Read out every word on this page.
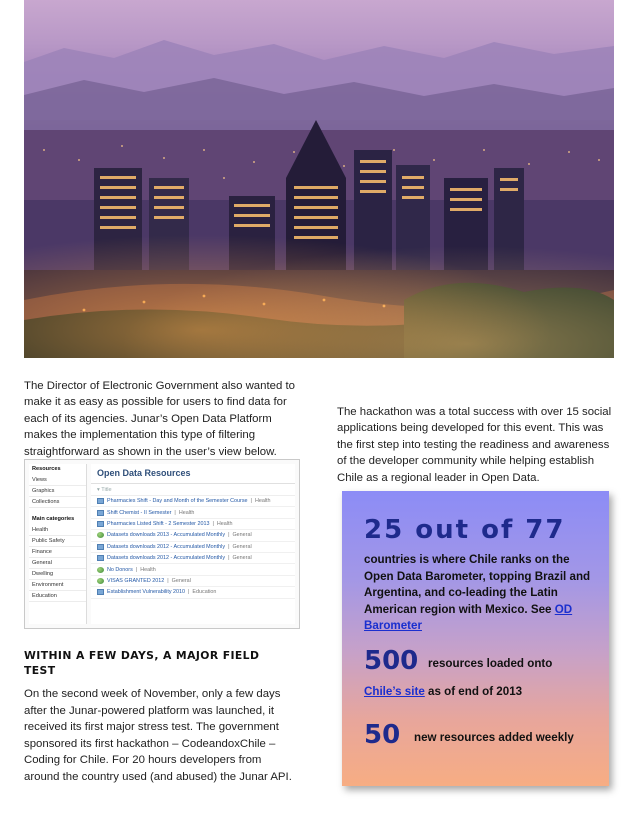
The Director of Electronic Government also wanted to make it as easy as possible for users to find data for each of its agencies. Junar’s Open Data Platform makes the implementation this type of filtering straightforward as shown in the user’s view below.

The hackathon was a total success with over 15 social applications being developed for this event. This was the first step into testing the readiness and awareness of the developer community while helping establish Chile as a regional leader in Open Data.

Resources
Views
Graphics
Collections
Main categories
Health
Public Safety
Finance
General
Dwelling
Environment
Education
Open Data Resources
▾ Title
Pharmacies Shift - Day and Month of the Semester Course | Health
Shift Chemist - II Semester | Health
Pharmacies Listed Shift - 2 Semester 2013 | Health
Datasets downloads 2013 - Accumulated Monthly | General
Datasets downloads 2012 - Accumulated Monthly | General
Datasets downloads 2012 - Accumulated Monthly | General
No Donors | Health
VISAS GRANTED 2012 | General
Establishment Vulnerability 2010 | Education
WITHIN A FEW DAYS, A MAJOR FIELD TEST

On the second week of November, only a few days after the Junar-powered platform was launched, it received its first major stress test. The government sponsored its first hackathon – CodeandoxChile – Coding for Chile. For 20 hours developers from around the country used (and abused) the Junar API.

25 out of 77
countries is where Chile ranks on the Open Data Barometer, topping Brazil and Argentina, and co-leading the Latin American region with Mexico. See OD Barometer
500 resources loaded onto
Chile’s site as of end of 2013
50 new resources added weekly
